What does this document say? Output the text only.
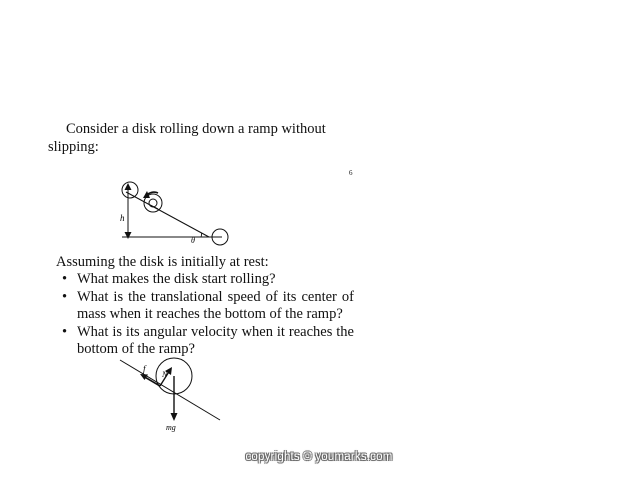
Consider a disk rolling down a ramp without slipping:

6
h
θ

Assuming the disk is initially at rest:

• What makes the disk start rolling?
• What is the translational speed of its center of mass when it reaches the bottom of the ramp?
• What is its angular velocity when it reaches the bottom of the ramp?
f
N
mg
copyrights © youmarks.com
